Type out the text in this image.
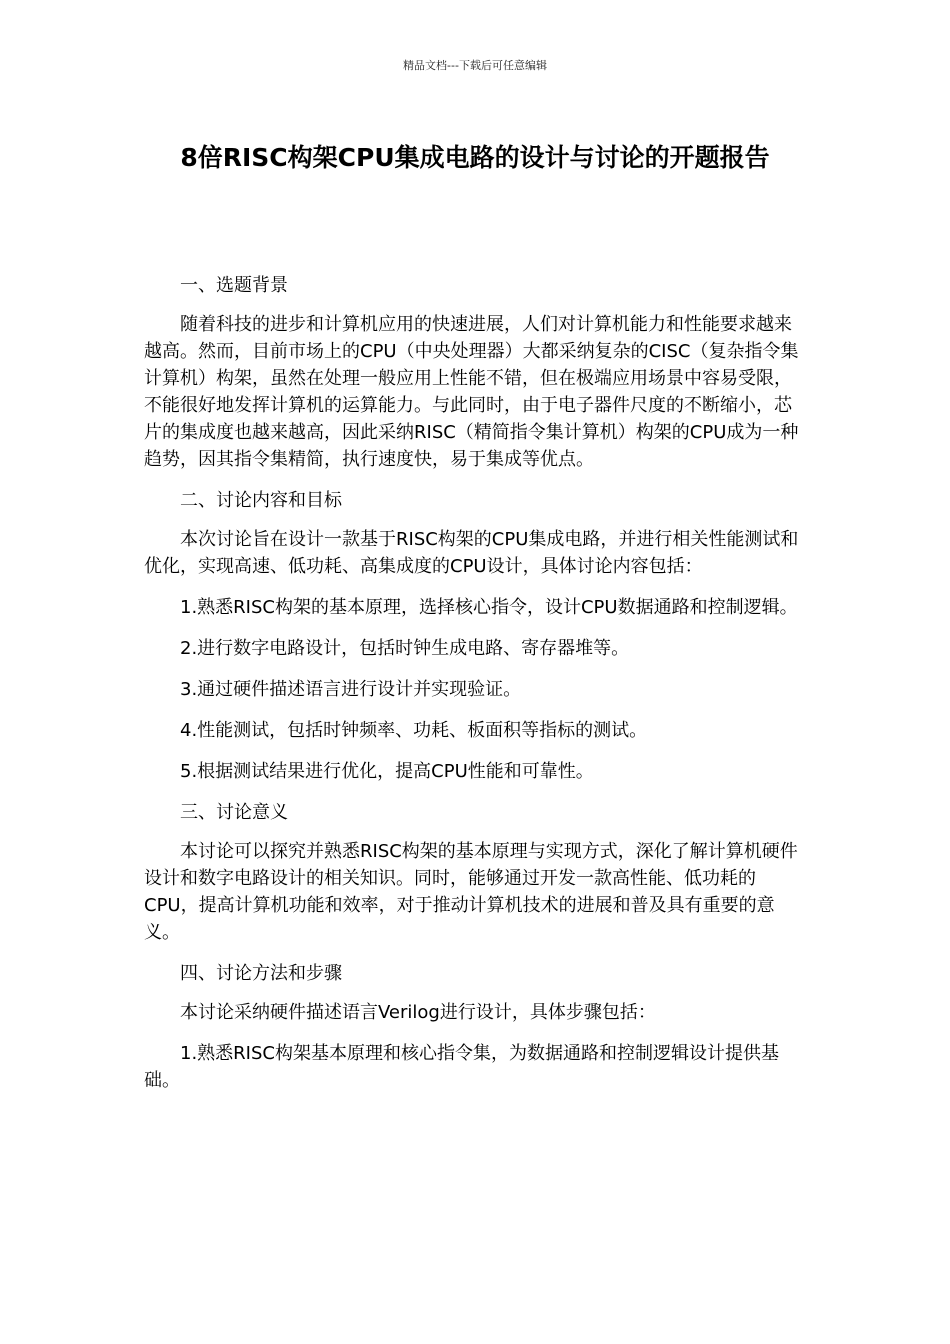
精品文档---下载后可任意编辑
8倍RISC构架CPU集成电路的设计与讨论的开题报告

一、选题背景

随着科技的进步和计算机应用的快速进展，人们对计算机能力和性能要求越来越高。然而，目前市场上的CPU（中央处理器）大都采纳复杂的CISC（复杂指令集计算机）构架，虽然在处理一般应用上性能不错，但在极端应用场景中容易受限，不能很好地发挥计算机的运算能力。与此同时，由于电子器件尺度的不断缩小，芯片的集成度也越来越高，因此采纳RISC（精简指令集计算机）构架的CPU成为一种趋势，因其指令集精简，执行速度快，易于集成等优点。

二、讨论内容和目标

本次讨论旨在设计一款基于RISC构架的CPU集成电路，并进行相关性能测试和优化，实现高速、低功耗、高集成度的CPU设计，具体讨论内容包括：

1.熟悉RISC构架的基本原理，选择核心指令，设计CPU数据通路和控制逻辑。

2.进行数字电路设计，包括时钟生成电路、寄存器堆等。

3.通过硬件描述语言进行设计并实现验证。

4.性能测试，包括时钟频率、功耗、板面积等指标的测试。

5.根据测试结果进行优化，提高CPU性能和可靠性。

三、讨论意义

本讨论可以探究并熟悉RISC构架的基本原理与实现方式，深化了解计算机硬件设计和数字电路设计的相关知识。同时，能够通过开发一款高性能、低功耗的CPU，提高计算机功能和效率，对于推动计算机技术的进展和普及具有重要的意义。

四、讨论方法和步骤

本讨论采纳硬件描述语言Verilog进行设计，具体步骤包括：

1.熟悉RISC构架基本原理和核心指令集，为数据通路和控制逻辑设计提供基础。
